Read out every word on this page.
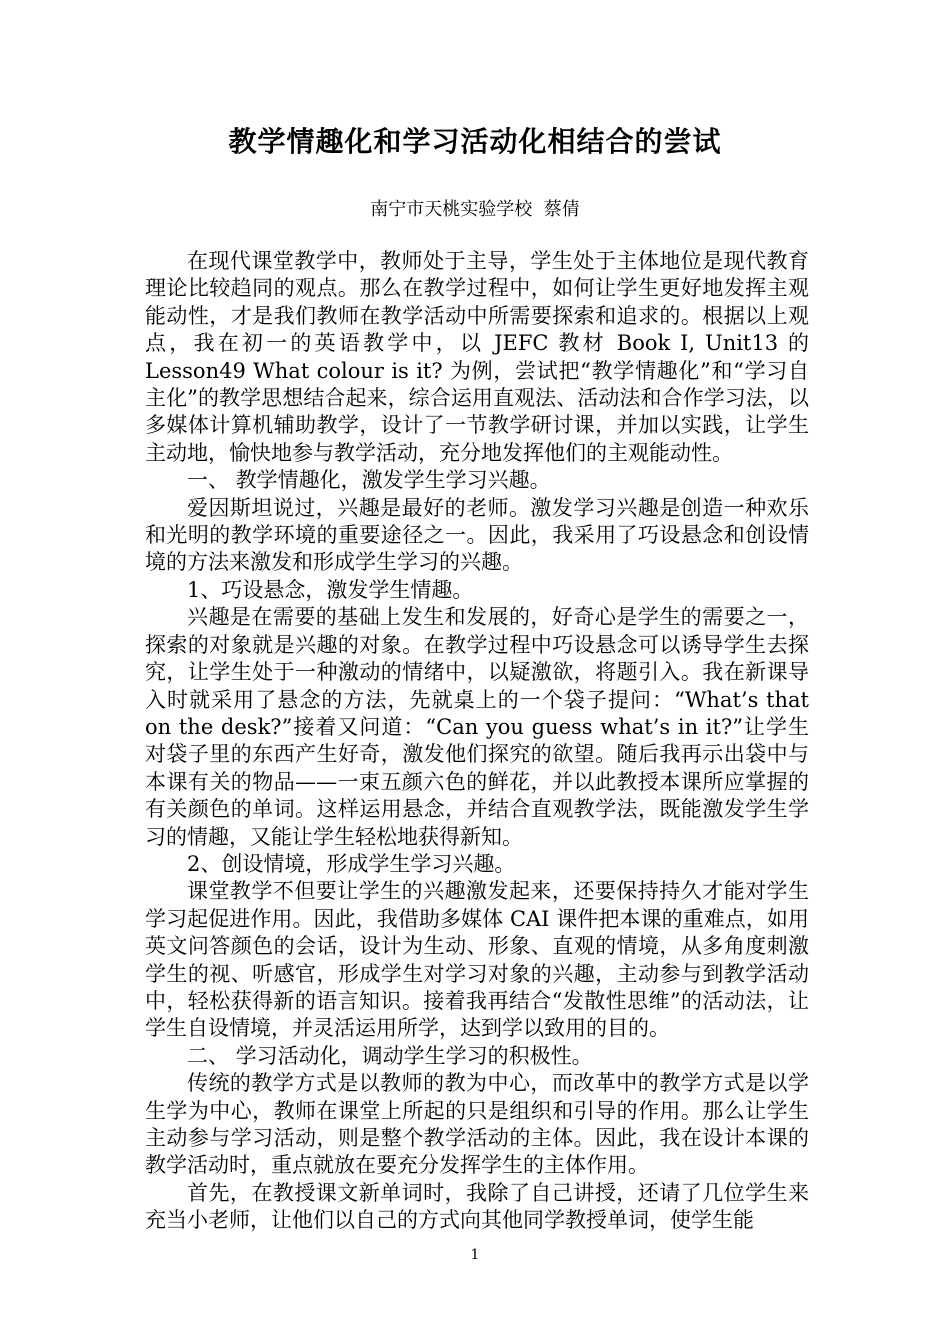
教学情趣化和学习活动化相结合的尝试
南宁市天桃实验学校  蔡倩

在现代课堂教学中，教师处于主导，学生处于主体地位是现代教育理论比较趋同的观点。那么在教学过程中，如何让学生更好地发挥主观能动性，才是我们教师在教学活动中所需要探索和追求的。根据以上观点，我在初一的英语教学中，以 JEFC 教材 Book I, Unit13 的 Lesson49 What colour is it? 为例，尝试把“教学情趣化”和“学习自主化”的教学思想结合起来，综合运用直观法、活动法和合作学习法，以多媒体计算机辅助教学，设计了一节教学研讨课，并加以实践，让学生主动地，愉快地参与教学活动，充分地发挥他们的主观能动性。

一、 教学情趣化，激发学生学习兴趣。

爱因斯坦说过，兴趣是最好的老师。激发学习兴趣是创造一种欢乐和光明的教学环境的重要途径之一。因此，我采用了巧设悬念和创设情境的方法来激发和形成学生学习的兴趣。

1、巧设悬念，激发学生情趣。

兴趣是在需要的基础上发生和发展的，好奇心是学生的需要之一，探索的对象就是兴趣的对象。在教学过程中巧设悬念可以诱导学生去探究，让学生处于一种激动的情绪中，以疑激欲，将题引入。我在新课导入时就采用了悬念的方法，先就桌上的一个袋子提问：“What’s that on the desk?”接着又问道：“Can you guess what’s in it?”让学生对袋子里的东西产生好奇，激发他们探究的欲望。随后我再示出袋中与本课有关的物品——一束五颜六色的鲜花，并以此教授本课所应掌握的有关颜色的单词。这样运用悬念，并结合直观教学法，既能激发学生学习的情趣，又能让学生轻松地获得新知。

2、创设情境，形成学生学习兴趣。

课堂教学不但要让学生的兴趣激发起来，还要保持持久才能对学生学习起促进作用。因此，我借助多媒体 CAI 课件把本课的重难点，如用英文问答颜色的会话，设计为生动、形象、直观的情境，从多角度刺激学生的视、听感官，形成学生对学习对象的兴趣，主动参与到教学活动中，轻松获得新的语言知识。接着我再结合“发散性思维”的活动法，让学生自设情境，并灵活运用所学，达到学以致用的目的。

二、 学习活动化，调动学生学习的积极性。

传统的教学方式是以教师的教为中心，而改革中的教学方式是以学生学为中心，教师在课堂上所起的只是组织和引导的作用。那么让学生主动参与学习活动，则是整个教学活动的主体。因此，我在设计本课的教学活动时，重点就放在要充分发挥学生的主体作用。

首先，在教授课文新单词时，我除了自己讲授，还请了几位学生来充当小老师，让他们以自己的方式向其他同学教授单词，使学生能

1
